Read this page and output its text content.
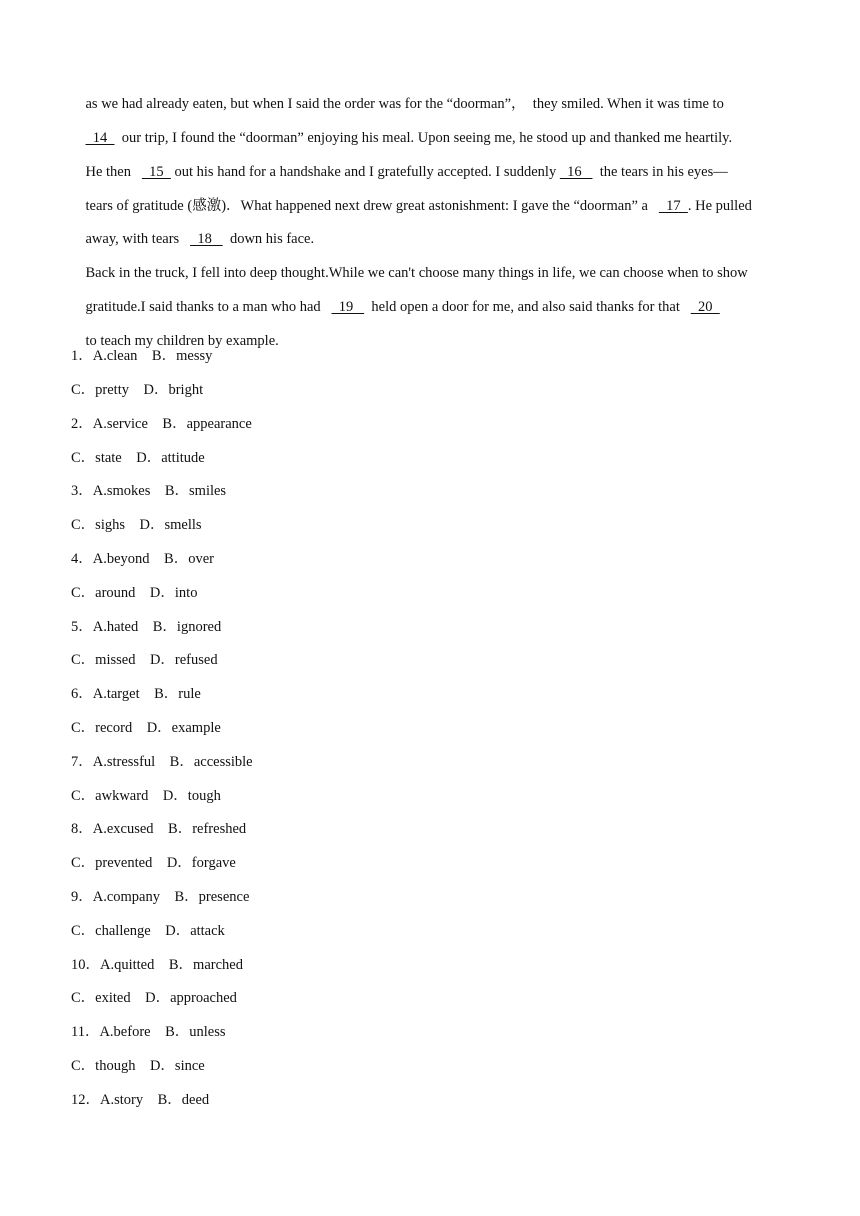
as we had already eaten, but when I said the order was for the “doorman”，  they smiled. When it was time to

14    our trip, I found the “doorman” enjoying his meal. Upon seeing me, he stood up and thanked me heartily.

He then     15   out his hand for a handshake and I gratefully accepted. I suddenly   16     the tears in his eyes—

tears of gratitude (感激)．What happened next drew great astonishment: I gave the “doorman” a     17  . He pulled

away, with tears     18     down his face.

Back in the truck, I fell into deep thought.While we can't choose many things in life, we can choose when to show

gratitude.I said thanks to a man who had     19     held open a door for me, and also said thanks for that     20

to teach my children by example.

1．A.clean    B．messy
C．pretty    D．bright
2．A.service    B．appearance
C．state    D．attitude
3．A.smokes    B．smiles
C．sighs    D．smells
4．A.beyond    B．over
C．around    D．into
5．A.hated    B．ignored
C．missed    D．refused
6．A.target    B．rule
C．record    D．example
7．A.stressful    B．accessible
C．awkward    D．tough
8．A.excused    B．refreshed
C．prevented    D．forgave
9．A.company    B．presence
C．challenge    D．attack
10．A.quitted    B．marched
C．exited    D．approached
11．A.before    B．unless
C．though    D．since
12．A.story    B．deed
